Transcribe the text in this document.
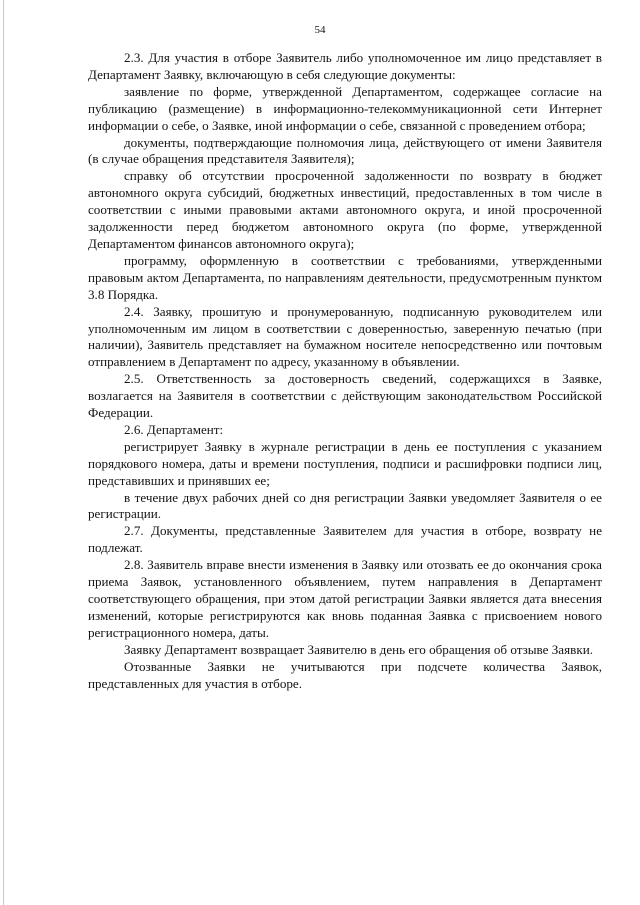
54

2.3. Для участия в отборе Заявитель либо уполномоченное им лицо представляет в Департамент Заявку, включающую в себя следующие документы:

заявление по форме, утвержденной Департаментом, содержащее согласие на публикацию (размещение) в информационно-телекоммуникационной сети Интернет информации о себе, о Заявке, иной информации о себе, связанной с проведением отбора;

документы, подтверждающие полномочия лица, действующего от имени Заявителя (в случае обращения представителя Заявителя);

справку об отсутствии просроченной задолженности по возврату в бюджет автономного округа субсидий, бюджетных инвестиций, предоставленных в том числе в соответствии с иными правовыми актами автономного округа, и иной просроченной задолженности перед бюджетом автономного округа (по форме, утвержденной Департаментом финансов автономного округа);

программу, оформленную в соответствии с требованиями, утвержденными правовым актом Департамента, по направлениям деятельности, предусмотренным пунктом 3.8 Порядка.

2.4. Заявку, прошитую и пронумерованную, подписанную руководителем или уполномоченным им лицом в соответствии с доверенностью, заверенную печатью (при наличии), Заявитель представляет на бумажном носителе непосредственно или почтовым отправлением в Департамент по адресу, указанному в объявлении.

2.5. Ответственность за достоверность сведений, содержащихся в Заявке, возлагается на Заявителя в соответствии с действующим законодательством Российской Федерации.

2.6. Департамент:

регистрирует Заявку в журнале регистрации в день ее поступления с указанием порядкового номера, даты и времени поступления, подписи и расшифровки подписи лиц, представивших и принявших ее;

в течение двух рабочих дней со дня регистрации Заявки уведомляет Заявителя о ее регистрации.

2.7. Документы, представленные Заявителем для участия в отборе, возврату не подлежат.

2.8. Заявитель вправе внести изменения в Заявку или отозвать ее до окончания срока приема Заявок, установленного объявлением, путем направления в Департамент соответствующего обращения, при этом датой регистрации Заявки является дата внесения изменений, которые регистрируются как вновь поданная Заявка с присвоением нового регистрационного номера, даты.

Заявку Департамент возвращает Заявителю в день его обращения об отзыве Заявки.

Отозванные Заявки не учитываются при подсчете количества Заявок, представленных для участия в отборе.
